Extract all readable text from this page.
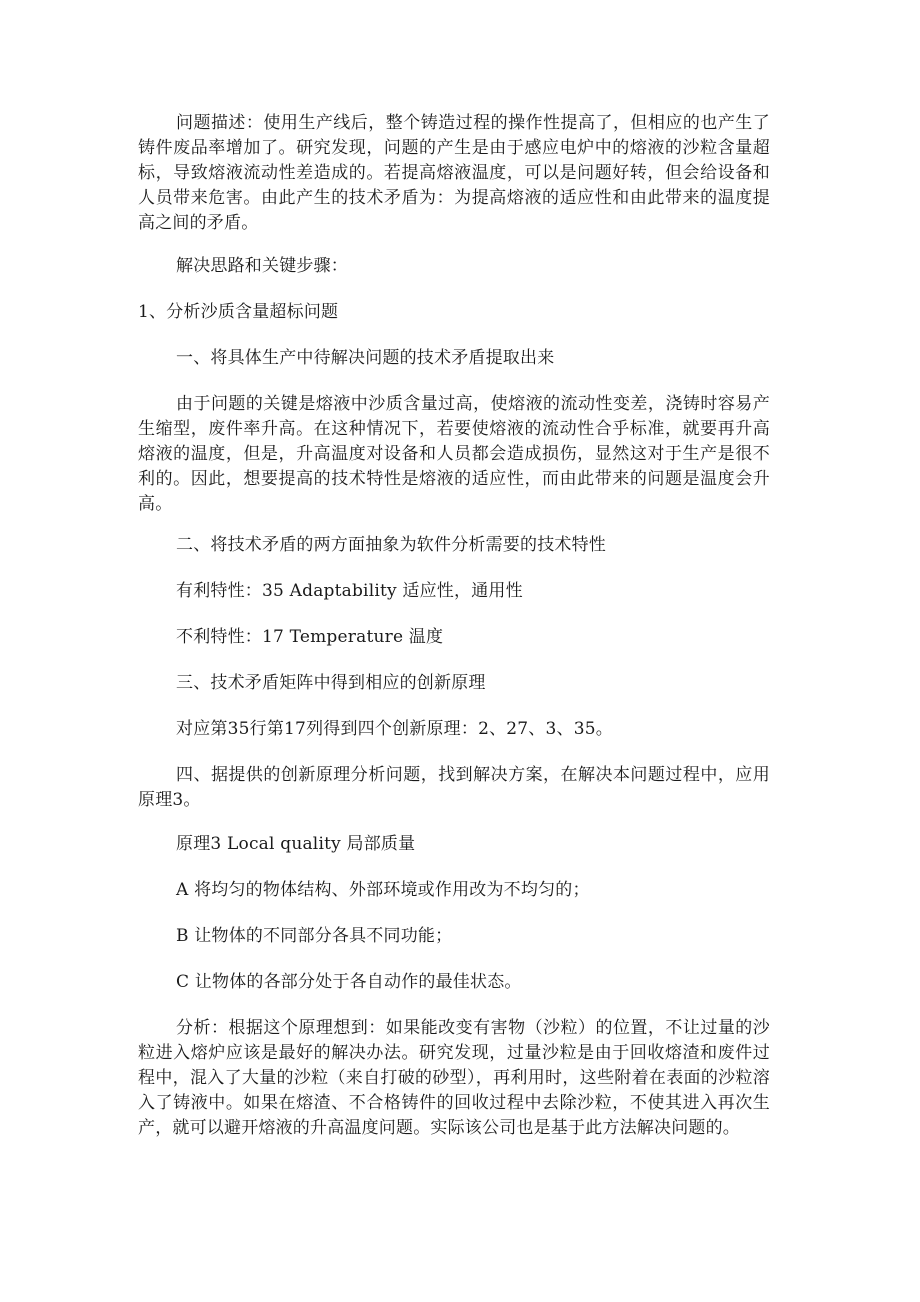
问题描述：使用生产线后，整个铸造过程的操作性提高了，但相应的也产生了铸件废品率增加了。研究发现，问题的产生是由于感应电炉中的熔液的沙粒含量超标，导致熔液流动性差造成的。若提高熔液温度，可以是问题好转，但会给设备和人员带来危害。由此产生的技术矛盾为：为提高熔液的适应性和由此带来的温度提高之间的矛盾。

解决思路和关键步骤：

1、分析沙质含量超标问题

一、将具体生产中待解决问题的技术矛盾提取出来

由于问题的关键是熔液中沙质含量过高，使熔液的流动性变差，浇铸时容易产生缩型，废件率升高。在这种情况下，若要使熔液的流动性合乎标准，就要再升高熔液的温度，但是，升高温度对设备和人员都会造成损伤，显然这对于生产是很不利的。因此，想要提高的技术特性是熔液的适应性，而由此带来的问题是温度会升高。

二、将技术矛盾的两方面抽象为软件分析需要的技术特性

有利特性：35 Adaptability 适应性，通用性

不利特性：17 Temperature 温度

三、技术矛盾矩阵中得到相应的创新原理

对应第35行第17列得到四个创新原理：2、27、3、35。

四、据提供的创新原理分析问题，找到解决方案，在解决本问题过程中，应用原理3。

原理3 Local quality 局部质量

A 将均匀的物体结构、外部环境或作用改为不均匀的；

B 让物体的不同部分各具不同功能；

C 让物体的各部分处于各自动作的最佳状态。

分析：根据这个原理想到：如果能改变有害物（沙粒）的位置，不让过量的沙粒进入熔炉应该是最好的解决办法。研究发现，过量沙粒是由于回收熔渣和废件过程中，混入了大量的沙粒（来自打破的砂型），再利用时，这些附着在表面的沙粒溶入了铸液中。如果在熔渣、不合格铸件的回收过程中去除沙粒，不使其进入再次生产，就可以避开熔液的升高温度问题。实际该公司也是基于此方法解决问题的。
